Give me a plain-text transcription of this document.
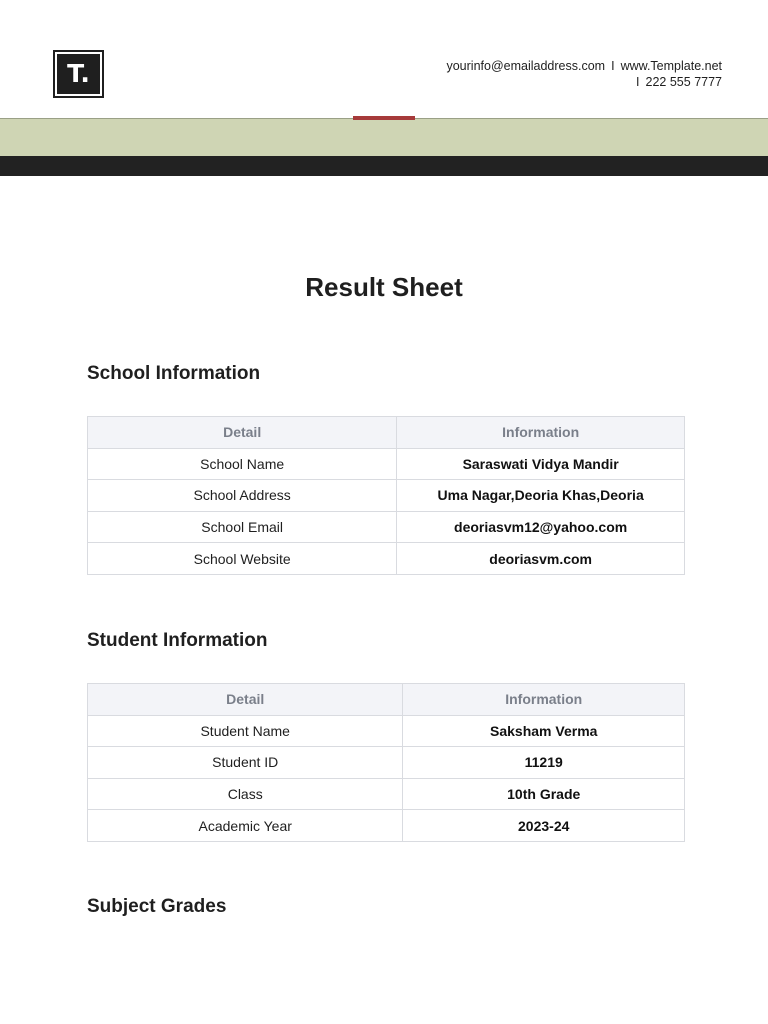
T.	yourinfo@emailaddress.com I www.Template.net
I 222 555 7777
Result Sheet
School Information
Detail	Information
School Name	Saraswati Vidya Mandir
School Address	Uma Nagar,Deoria Khas,Deoria
School Email	deoriasvm12@yahoo.com
School Website	deoriasvm.com
Student Information
Detail	Information
Student Name	Saksham Verma
Student ID	11219
Class	10th Grade
Academic Year	2023-24
Subject Grades
